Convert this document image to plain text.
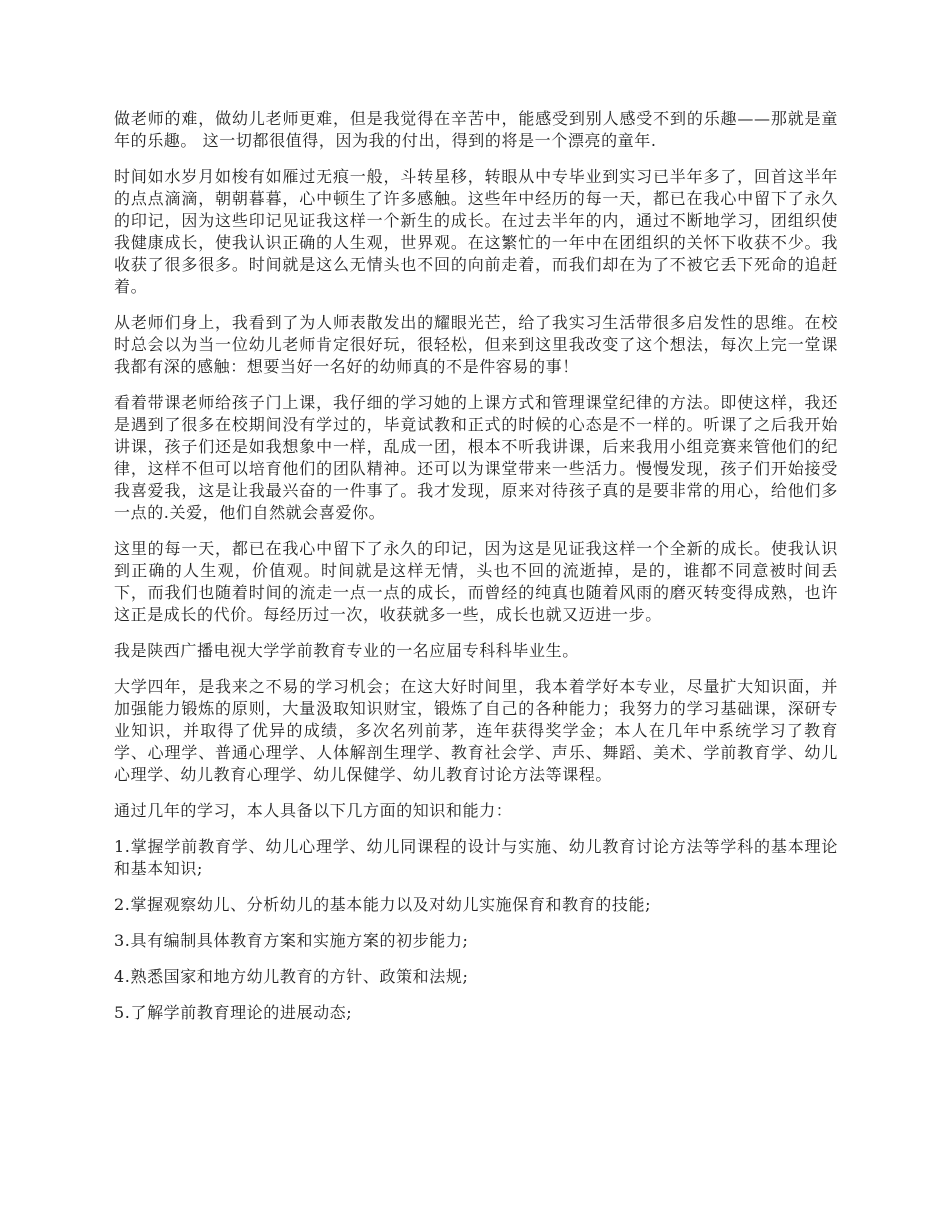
做老师的难，做幼儿老师更难，但是我觉得在辛苦中，能感受到别人感受不到的乐趣——那就是童年的乐趣。 这一切都很值得，因为我的付出，得到的将是一个漂亮的童年.

时间如水岁月如梭有如雁过无痕一般，斗转星移，转眼从中专毕业到实习已半年多了，回首这半年的点点滴滴，朝朝暮暮，心中顿生了许多感触。这些年中经历的每一天，都已在我心中留下了永久的印记，因为这些印记见证我这样一个新生的成长。在过去半年的内，通过不断地学习，团组织使我健康成长，使我认识正确的人生观，世界观。在这繁忙的一年中在团组织的关怀下收获不少。我收获了很多很多。时间就是这么无情头也不回的向前走着，而我们却在为了不被它丢下死命的追赶着。

从老师们身上，我看到了为人师表散发出的耀眼光芒，给了我实习生活带很多启发性的思维。在校时总会以为当一位幼儿老师肯定很好玩，很轻松，但来到这里我改变了这个想法，每次上完一堂课我都有深的感触：想要当好一名好的幼师真的不是件容易的事！

看着带课老师给孩子门上课，我仔细的学习她的上课方式和管理课堂纪律的方法。即使这样，我还是遇到了很多在校期间没有学过的，毕竟试教和正式的时候的心态是不一样的。听课了之后我开始讲课，孩子们还是如我想象中一样，乱成一团，根本不听我讲课，后来我用小组竞赛来管他们的纪律，这样不但可以培育他们的团队精神。还可以为课堂带来一些活力。慢慢发现，孩子们开始接受我喜爱我，这是让我最兴奋的一件事了。我才发现，原来对待孩子真的是要非常的用心，给他们多一点的.关爱，他们自然就会喜爱你。

这里的每一天，都已在我心中留下了永久的印记，因为这是见证我这样一个全新的成长。使我认识到正确的人生观，价值观。时间就是这样无情，头也不回的流逝掉，是的，谁都不同意被时间丢下，而我们也随着时间的流走一点一点的成长，而曾经的纯真也随着风雨的磨灭转变得成熟，也许这正是成长的代价。每经历过一次，收获就多一些，成长也就又迈进一步。

我是陕西广播电视大学学前教育专业的一名应届专科科毕业生。

大学四年，是我来之不易的学习机会；在这大好时间里，我本着学好本专业，尽量扩大知识面，并加强能力锻炼的原则，大量汲取知识财宝，锻炼了自己的各种能力；我努力的学习基础课，深研专业知识，并取得了优异的成绩，多次名列前茅，连年获得奖学金；本人在几年中系统学习了教育学、心理学、普通心理学、人体解剖生理学、教育社会学、声乐、舞蹈、美术、学前教育学、幼儿心理学、幼儿教育心理学、幼儿保健学、幼儿教育讨论方法等课程。

通过几年的学习，本人具备以下几方面的知识和能力：

1.掌握学前教育学、幼儿心理学、幼儿同课程的设计与实施、幼儿教育讨论方法等学科的基本理论和基本知识;

2.掌握观察幼儿、分析幼儿的基本能力以及对幼儿实施保育和教育的技能;

3.具有编制具体教育方案和实施方案的初步能力;

4.熟悉国家和地方幼儿教育的方针、政策和法规;

5.了解学前教育理论的进展动态;
